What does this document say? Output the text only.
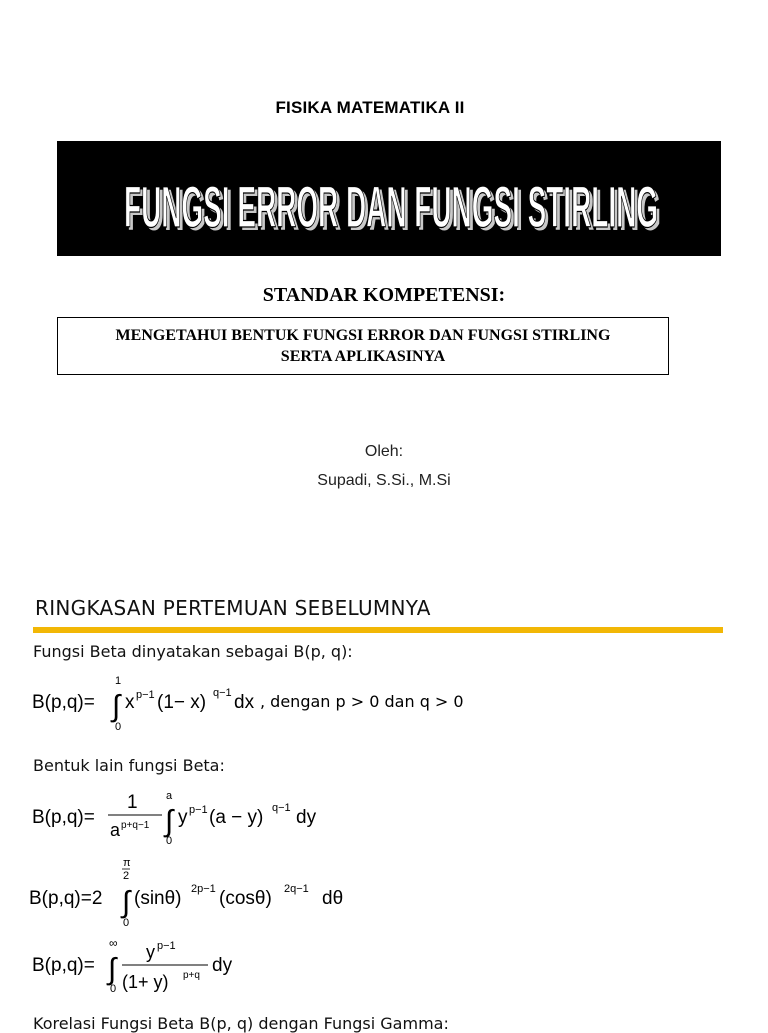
FISIKA MATEMATIKA II
FUNGSI ERROR DAN FUNGSI STIRLING
FUNGSI ERROR DAN FUNGSI STIRLING
STANDAR KOMPETENSI:
MENGETAHUI BENTUK FUNGSI ERROR DAN FUNGSI STIRLING
SERTA APLIKASINYA
Oleh:
Supadi, S.Si., M.Si
RINGKASAN PERTEMUAN SEBELUMNYA
Fungsi Beta dinyatakan sebagai B(p, q):
B(p,q)= ∫
1
0
x p−1 (1− x) q−1 dx , dengan p > 0 dan q > 0
Bentuk lain fungsi Beta:
B(p,q)=
1
a p+q−1 ∫
a
0
y p−1 (a − y) q−1 dy
B(p,q)=2 ∫
π
2
0
(sinθ) 2p−1 (cosθ) 2q−1 dθ
B(p,q)= ∫
∞
0
y p−1
(1+ y) p+q dy
Korelasi Fungsi Beta B(p, q) dengan Fungsi Gamma:
